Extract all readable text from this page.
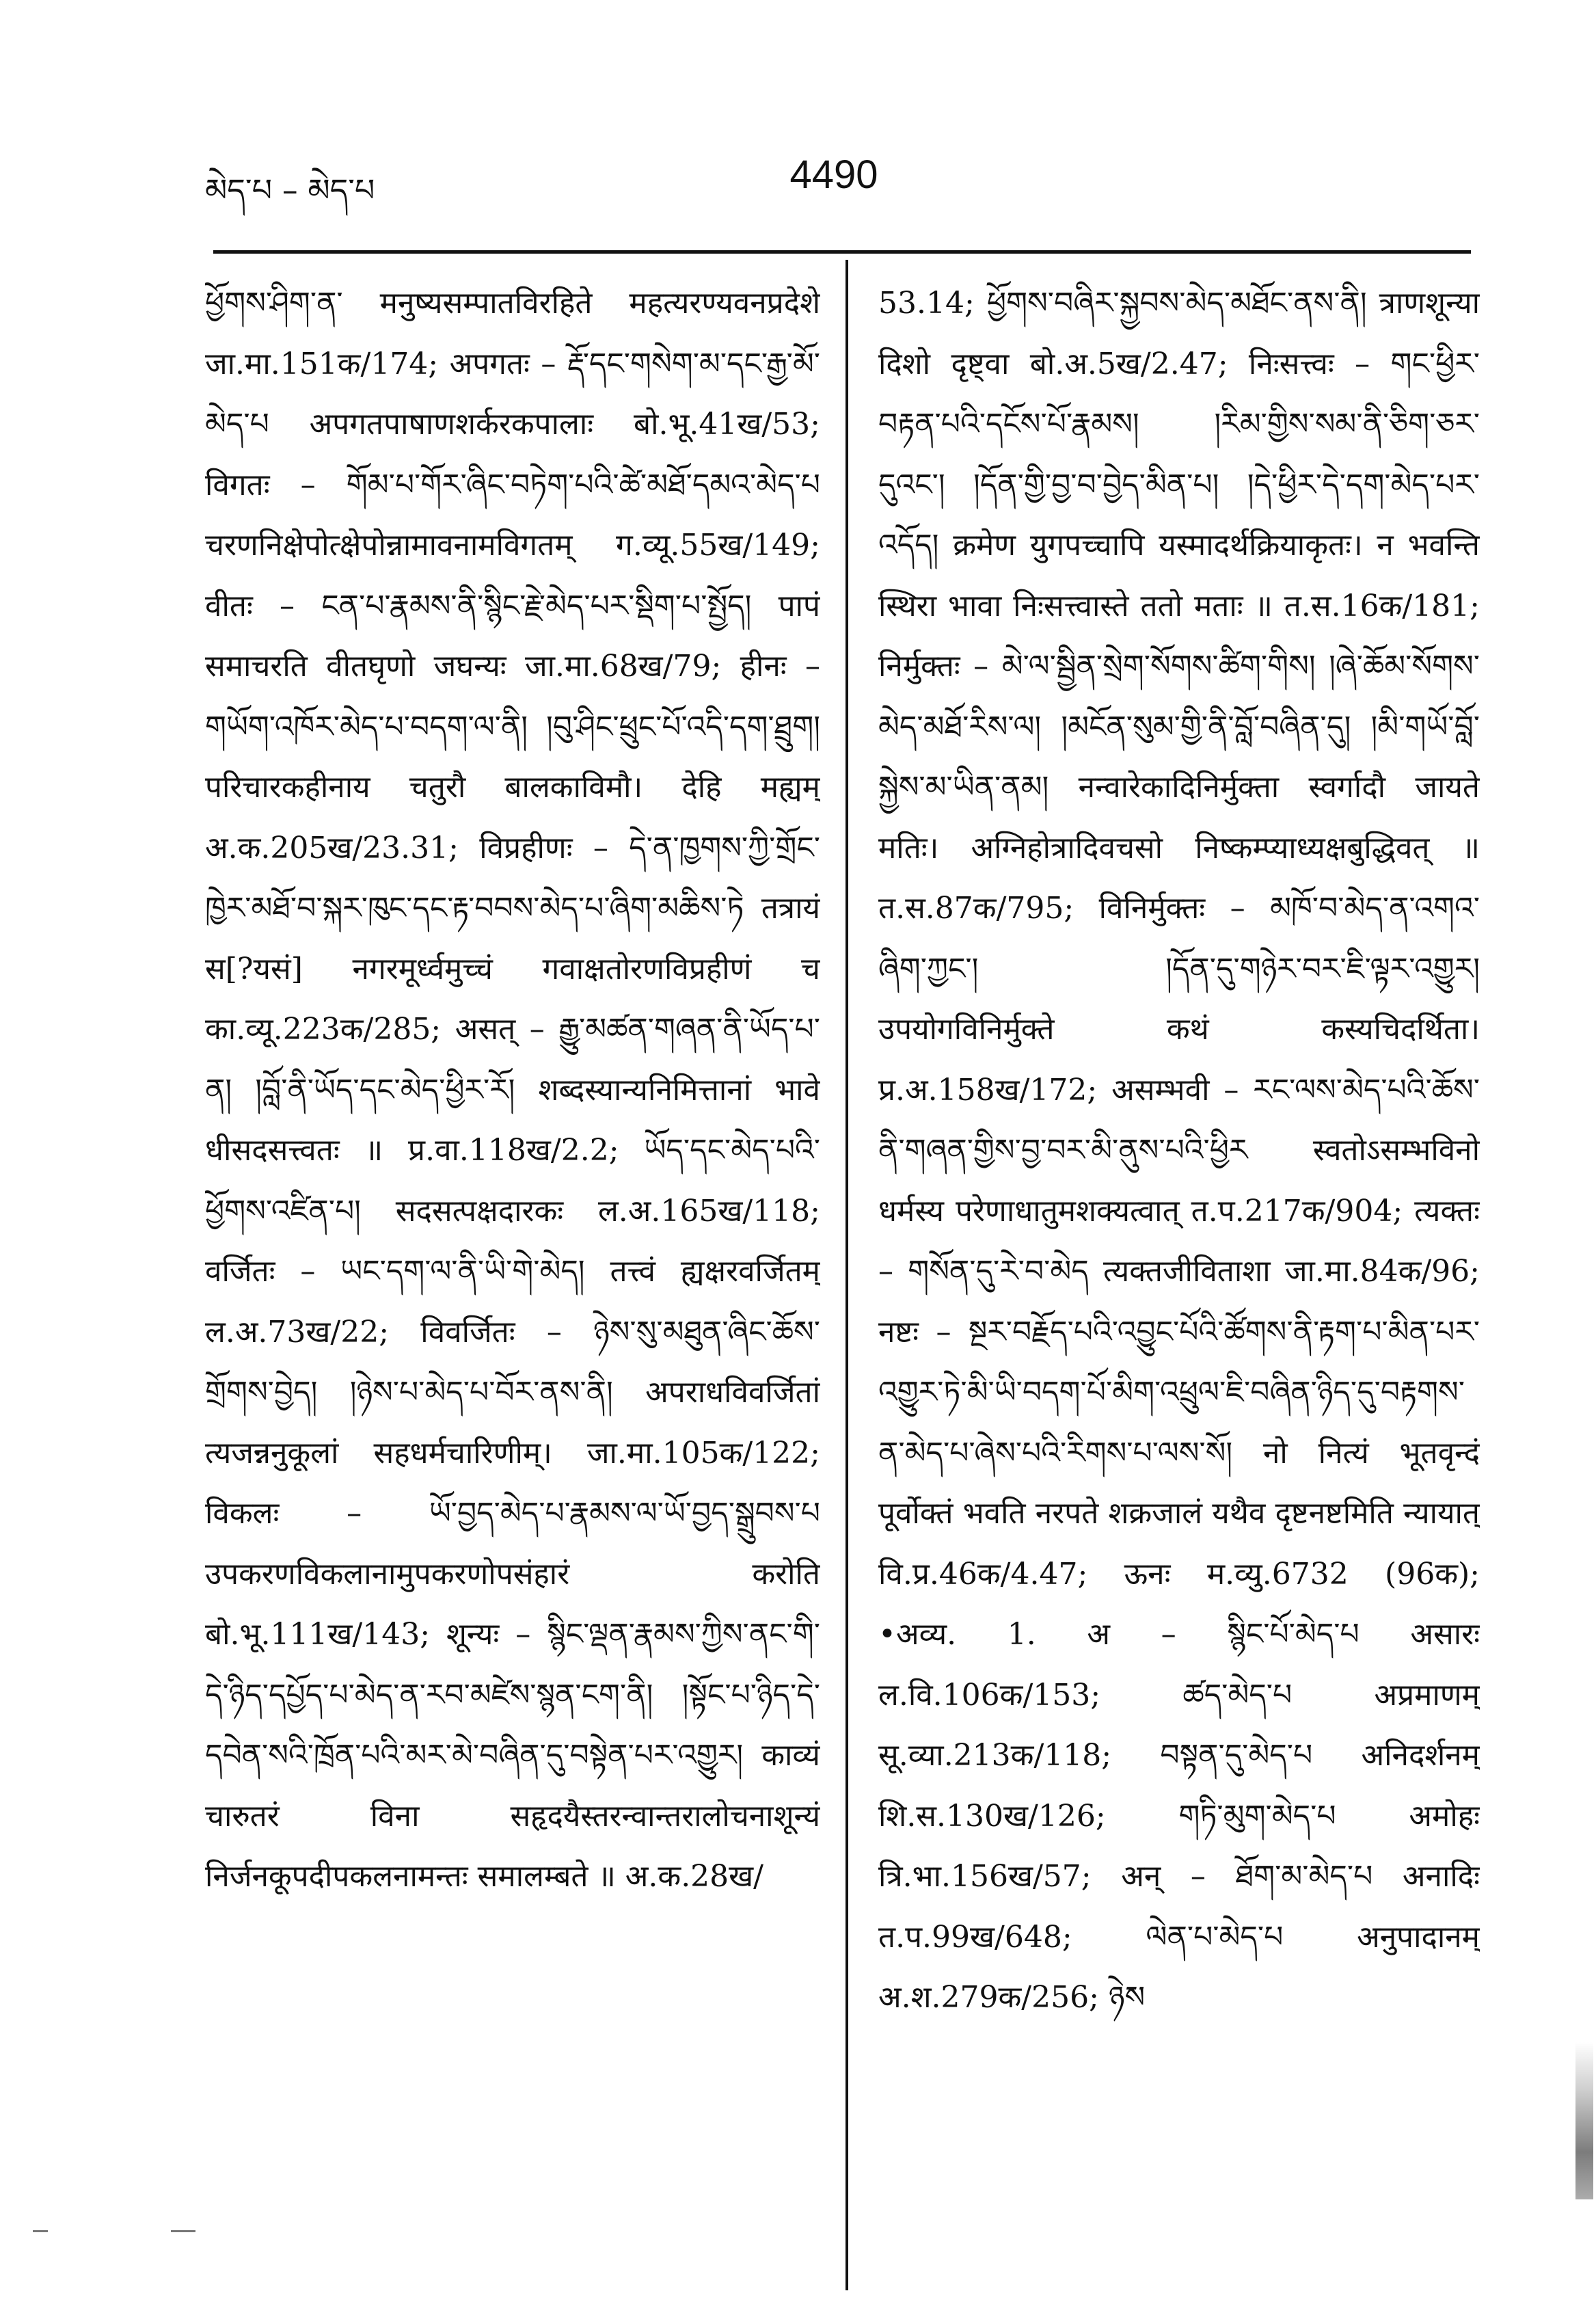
མེད་པ – མེད་པ	4490
ཕྱོགས་ཤིག་ན་ मनुष्यसम्पातविरहिते महत्यरण्यवनप्रदेशे जा.मा.151क/174; अपगतः – རྡོ་དང་གསེག་མ་དང་རྒྱ་མོ་མེད་པ अपगतपाषाणशर्करकपालाः बो.भू.41ख/53; विगतः – གོམ་པ་གོར་ཞིང་བཏེག་པའི་ཚེ་མཐོ་དམའ་མེད་པ चरणनिक्षेपोत्क्षेपोन्नामावनामविगतम् ग.व्यू.55ख/149; वीतः – ངན་པ་རྣམས་ནི་སྙིང་རྗེ་མེད་པར་སྡིག་པ་སྤྱོད། पापं समाचरति वीतघृणो जघन्यः जा.मा.68ख/79; हीनः – གཡོག་འཁོར་མེད་པ་བདག་ལ་ནི། །བུ་ཤིང་ཕྲུང་པོ་འདི་དག་ཐྲུག། परिचारकहीनाय चतुरौ बालकाविमौ। देहि मह्यम् अ.क.205ख/23.31; विप्रहीणः – དེ་ན་ཁྱགས་ཀྱི་གྲོང་ཁྱེར་མཐོ་བ་སྐར་ཁུང་དང་རྟ་བབས་མེད་པ་ཞིག་མཆིས་ཏེ तत्रायं स[?यसं] नगरमूर्ध्वमुच्चं गवाक्षतोरणविप्रहीणं च का.व्यू.223क/285; असत् – རྒྱུ་མཚན་གཞན་ནི་ཡོད་པ་ན། །བློ་ནི་ཡོད་དང་མེད་ཕྱིར་རོ། शब्दस्यान्यनिमित्तानां भावे धीसदसत्त्वतः ॥ प्र.वा.118ख/2.2; ཡོད་དང་མེད་པའི་ཕྱོགས་འཛིན་པ། सदसत्पक्षदारकः ल.अ.165ख/118; वर्जितः – ཡང་དག་ལ་ནི་ཡི་གེ་མེད། तत्त्वं ह्यक्षरवर्जितम् ल.अ.73ख/22; विवर्जितः – ཉེས་སུ་མཐུན་ཞིང་ཆོས་གྲོགས་བྱེད། །ཉེས་པ་མེད་པ་བོར་ནས་ནི། अपराधविवर्जितां त्यजन्ननुकूलां सहधर्मचारिणीम्। जा.मा.105क/122; विकलः – ཡོ་བྱད་མེད་པ་རྣམས་ལ་ཡོ་བྱད་སྒྲུབས་པ उपकरणविकलानामुपकरणोपसंहारं करोति बो.भू.111ख/143; शून्यः – སྙིང་ལྡན་རྣམས་ཀྱིས་ནང་གི་དེ་ཉིད་དཔྱོད་པ་མེད་ན་རབ་མཛེས་སྙན་ངག་ནི། །སྟོང་པ་ཉིད་དེ་དབེན་སའི་ཁྲོན་པའི་མར་མེ་བཞིན་དུ་བསྟེན་པར་འགྱུར། काव्यं चारुतरं विना सहृदयैस्तरन्वान्तरालोचनाशून्यं निर्जनकूपदीपकलनामन्तः समालम्बते ॥ अ.क.28ख/
53.14; ཕྱོགས་བཞིར་སྐྱབས་མེད་མཐོང་ནས་ནི། त्राणशून्या दिशो दृष्ट्वा बो.अ.5ख/2.47; निःसत्त्वः – གང་ཕྱིར་བརྟན་པའི་དངོས་པོ་རྣམས། །རིམ་གྱིས་སམ་ནི་ཅིག་ཅར་དུའང་། །དོན་གྱི་བྱ་བ་བྱེད་མིན་པ། །དེ་ཕྱིར་དེ་དག་མེད་པར་འདོད། क्रमेण युगपच्चापि यस्मादर्थक्रियाकृतः। न भवन्ति स्थिरा भावा निःसत्त्वास्ते ततो मताः ॥ त.स.16क/181; निर्मुक्तः – མེ་ལ་སྦྱིན་སྲེག་སོགས་ཚིག་གིས། །ཞེ་ཆོམ་སོགས་མེད་མཐོ་རིས་ལ། །མངོན་སུམ་གྱི་ནི་བློ་བཞིན་དུ། །མི་གཡོ་བློ་སྐྱེས་མ་ཡིན་ནམ། नन्वारेकादिनिर्मुक्ता स्वर्गादौ जायते मतिः। अग्निहोत्रादिवचसो निष्कम्प्याध्यक्षबुद्धिवत् ॥ त.स.87क/795; विनिर्मुक्तः – མཁོ་བ་མེད་ན་འགའ་ཞིག་ཀྱང་། །དོན་དུ་གཉེར་བར་ཇི་ལྟར་འགྱུར། उपयोगविनिर्मुक्ते कथं कस्यचिदर्थिता। प्र.अ.158ख/172; असम्भवी – རང་ལས་མེད་པའི་ཆོས་ནི་གཞན་གྱིས་བྱ་བར་མི་ནུས་པའི་ཕྱིར स्वतोऽसम्भविनो धर्मस्य परेणाधातुमशक्यत्वात् त.प.217क/904; त्यक्तः – གསོན་དུ་རེ་བ་མེད त्यक्तजीविताशा जा.मा.84क/96; नष्टः – སྔར་བརྗོད་པའི་འབྱུང་པོའི་ཚོགས་ནི་རྟག་པ་མིན་པར་འགྱུར་ཏེ་མི་ཡི་བདག་པོ་མིག་འཕྲུལ་ཇི་བཞིན་ཉིད་དུ་བརྟགས་ན་མེད་པ་ཞེས་པའི་རིགས་པ་ལས་སོ། नो नित्यं भूतवृन्दं पूर्वोक्तं भवति नरपते शक्रजालं यथैव दृष्टनष्टमिति न्यायात् वि.प्र.46क/4.47; ऊनः म.व्यु.6732 (96क); •अव्य. 1. अ – སྙིང་པོ་མེད་པ असारः ल.वि.106क/153; ཚད་མེད་པ अप्रमाणम् सू.व्या.213क/118; བསྟན་དུ་མེད་པ अनिदर्शनम् शि.स.130ख/126; གཏི་མུག་མེད་པ अमोहः त्रि.भा.156ख/57; अन् – ཐོག་མ་མེད་པ अनादिः त.प.99ख/648; ལེན་པ་མེད་པ अनुपादानम् अ.श.279क/256; ཉེས
